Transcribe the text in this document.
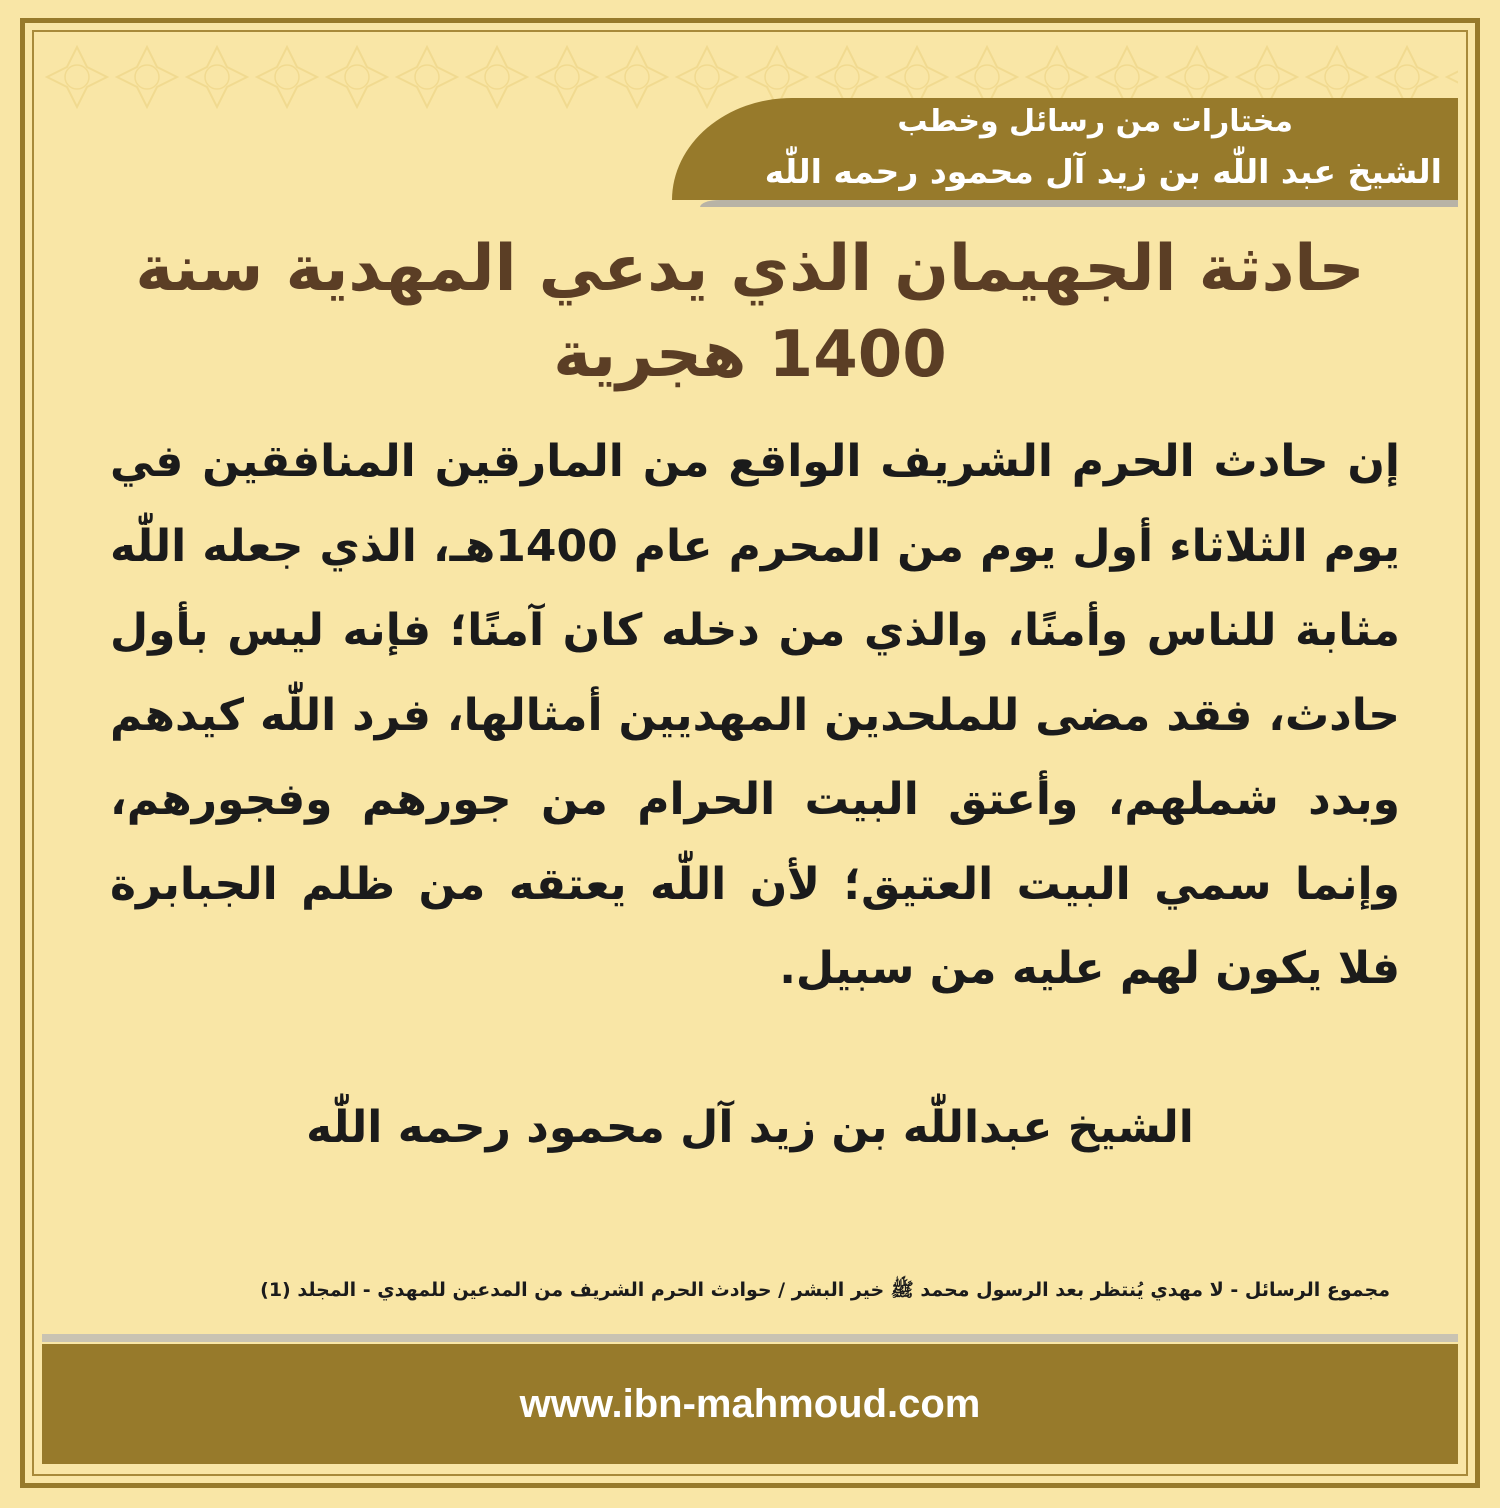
مختارات من رسائل وخطب
الشيخ عبد اللّٰه بن زيد آل محمود رحمه اللّٰه
حادثة الجهيمان الذي يدعي المهدية سنة
1400 هجرية
إن حادث الحرم الشريف الواقع من المارقين المنافقين في يوم الثلاثاء أول يوم من المحرم عام 1400هـ، الذي جعله اللّٰه مثابة للناس وأمنًا، والذي من دخله كان آمنًا؛ فإنه ليس بأول حادث، فقد مضى للملحدين المهديين أمثالها، فرد اللّٰه كيدهم وبدد شملهم، وأعتق البيت الحرام من جورهم وفجورهم، وإنما سمي البيت العتيق؛ لأن اللّٰه يعتقه من ظلم الجبابرة فلا يكون لهم عليه من سبيل.
الشيخ عبداللّٰه بن زيد آل محمود رحمه اللّٰه
مجموع الرسائل - لا مهدي يُنتظر بعد الرسول محمد ﷺ خير البشر / حوادث الحرم الشريف من المدعين للمهدي - المجلد (1)
www.ibn-mahmoud.com
